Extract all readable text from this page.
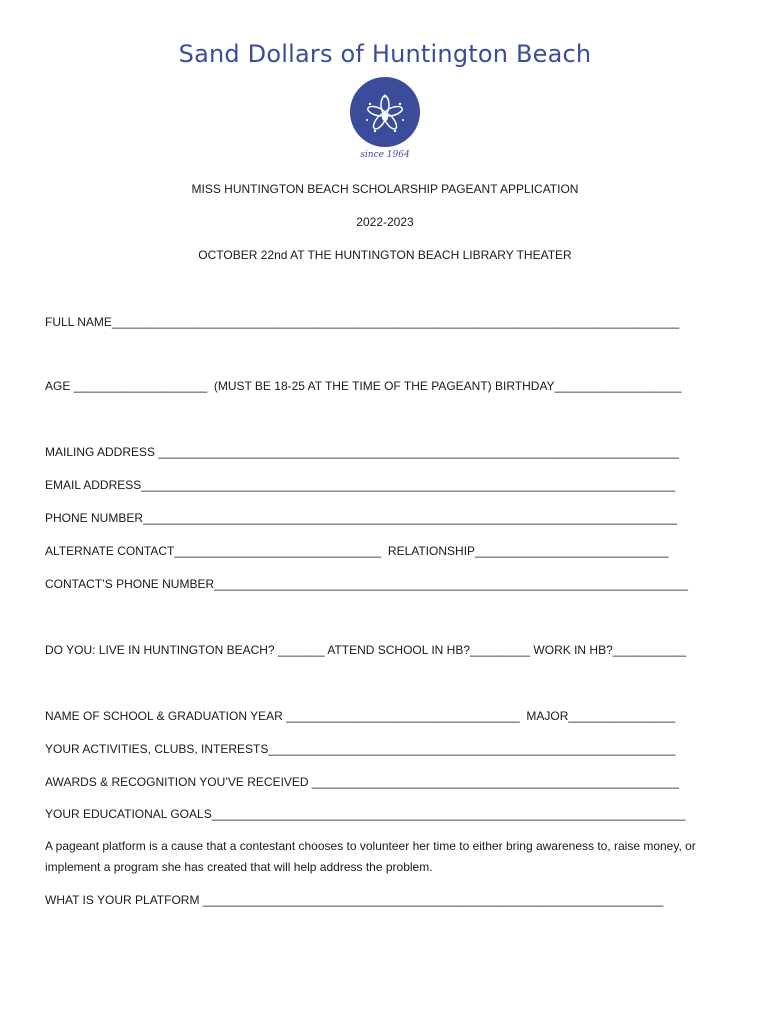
Sand Dollars of Huntington Beach
since 1964
MISS HUNTINGTON BEACH SCHOLARSHIP PAGEANT APPLICATION
2022-2023
OCTOBER 22nd AT THE HUNTINGTON BEACH LIBRARY THEATER
FULL NAME_____________________________________________________________________________________
AGE ____________________  (MUST BE 18-25 AT THE TIME OF THE PAGEANT) BIRTHDAY___________________
MAILING ADDRESS ______________________________________________________________________________
EMAIL ADDRESS________________________________________________________________________________
PHONE NUMBER________________________________________________________________________________
ALTERNATE CONTACT_______________________________  RELATIONSHIP_____________________________
CONTACT’S PHONE NUMBER_______________________________________________________________________
DO YOU: LIVE IN HUNTINGTON BEACH? _______ ATTEND SCHOOL IN HB?_________ WORK IN HB?___________
NAME OF SCHOOL & GRADUATION YEAR ___________________________________  MAJOR________________
YOUR ACTIVITIES, CLUBS, INTERESTS_____________________________________________________________
AWARDS & RECOGNITION YOU’VE RECEIVED _______________________________________________________
YOUR EDUCATIONAL GOALS_______________________________________________________________________
A pageant platform is a cause that a contestant chooses to volunteer her time to either bring awareness to, raise money, or implement a program she has created that will help address the problem.
WHAT IS YOUR PLATFORM _____________________________________________________________________
